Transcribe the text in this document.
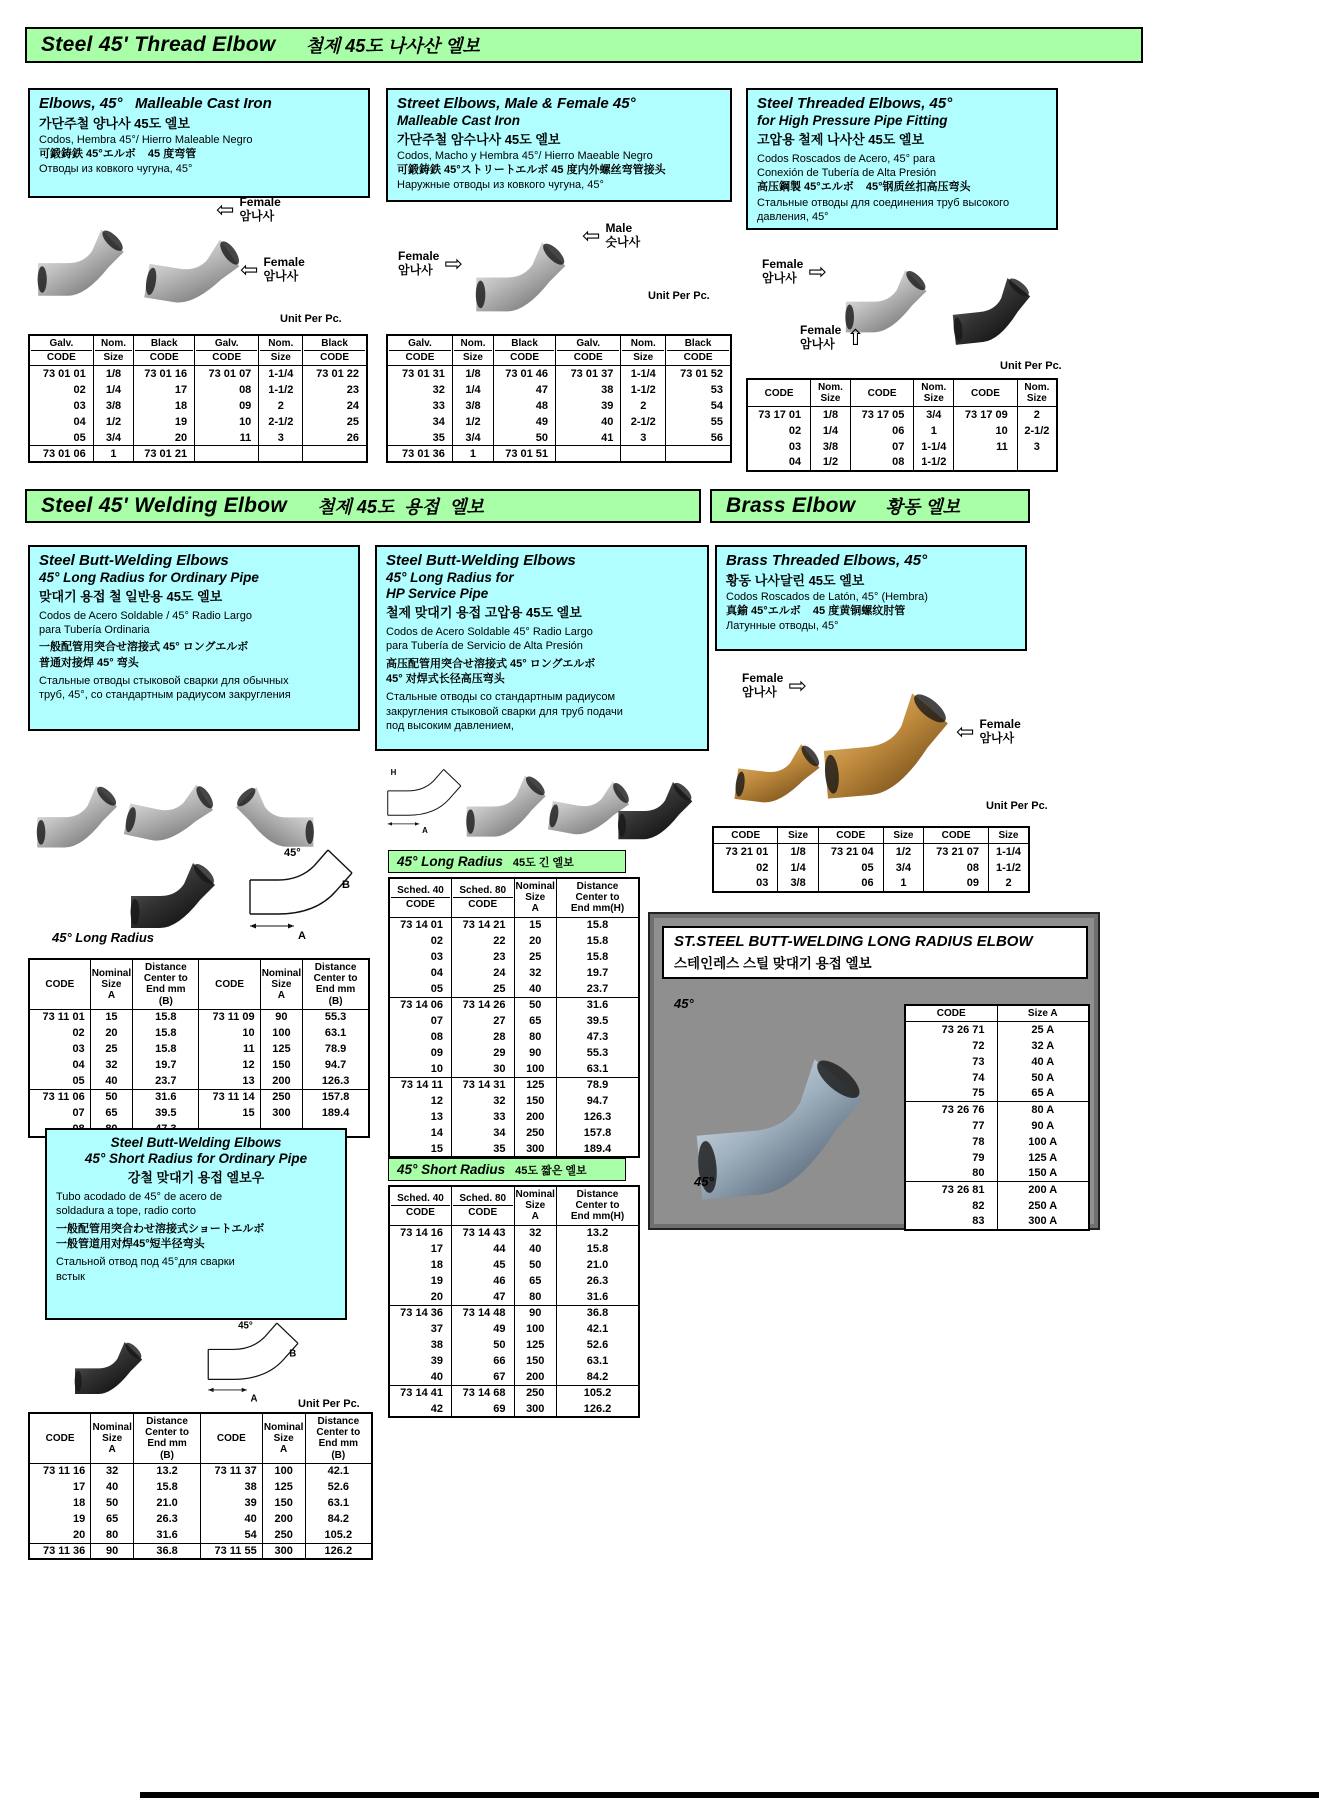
Steel 45' Thread Elbow 철제 45도 나사산 엘보
Elbows, 45°   Malleable Cast Iron
가단주철 양나사 45도 엘보
Codos, Hembra 45°/ Hierro Maleable Negro
可鍛鋳鉄 45°エルボ    45 度弯管
Отводы из ковкого чугуна, 45°
Street Elbows, Male & Female 45°
Malleable Cast Iron
가단주철 암수나사 45도 엘보
Codos, Macho y Hembra 45°/ Hierro Maeable Negro
可鍛鋳鉄 45°ストリートエルボ 45 度内外螺丝弯管接头
Наружные отводы из ковкого чугуна, 45°
Steel Threaded Elbows, 45°
for High Pressure Pipe Fitting
고압용 철제 나사산 45도 엘보
Codos Roscados de Acero, 45° para
Conexión de Tubería de Alta Presión
高压鋼製 45°エルボ    45°钢质丝扣高压弯头
Стальные отводы для соединения труб высокого
давления, 45°
⇦ Female
암나사
⇦ Female
암나사
Unit Per Pc.
Galv.
CODE

Nom.
Size

Black
CODE

Galv.
CODE

Nom.
Size

Black
CODE

73 01 01	1/8	73 01 16	73 01 07	1-1/4	73 01 22
02	1/4	17	08	1-1/2	23
03	3/8	18	09	2	24
04	1/2	19	10	2-1/2	25
05	3/4	20	11	3	26
73 01 06	1	73 01 21			
Female
암나사 ⇨
⇦ Male
숫나사
Unit Per Pc.
Galv.
CODE

Nom.
Size

Black
CODE

Galv.
CODE

Nom.
Size

Black
CODE

73 01 31	1/8	73 01 46	73 01 37	1-1/4	73 01 52
32	1/4	47	38	1-1/2	53
33	3/8	48	39	2	54
34	1/2	49	40	2-1/2	55
35	3/4	50	41	3	56
73 01 36	1	73 01 51			
Female
암나사 ⇨
Female
암나사 ⇧
Unit Per Pc.
CODE

Nom.
Size

CODE

Nom.
Size

CODE

Nom.
Size

73 17 01	1/8	73 17 05	3/4	73 17 09	2
02	1/4	06	1	10	2-1/2
03	3/8	07	1-1/4	11	3
04	1/2	08	1-1/2		
Steel 45' Welding Elbow 철제 45도  용접  엘보	Brass Elbow 황동 엘보
Steel Butt-Welding Elbows
45° Long Radius for Ordinary Pipe
맞대기 용접 철 일반용 45도 엘보
Codos de Acero Soldable / 45° Radio Largo
para Tubería Ordinaria
一般配管用突合せ溶接式 45° ロングエルボ
普通对接焊 45° 弯头
Стальные отводы стыковой сварки для обычных
труб, 45°, со стандартным радиусом закругления
Steel Butt-Welding Elbows
45° Long Radius for
HP Service Pipe
철제 맞대기 용접 고압용 45도 엘보
Codos de Acero Soldable 45° Radio Largo
para Tubería de Servicio de Alta Presión
高压配管用突合せ溶接式 45° ロングエルボ
45° 对焊式长径高压弯头
Стальные отводы со стандартным радиусом
закругления стыковой сварки для труб подачи
под высоким давлением,
Brass Threaded Elbows, 45°
황동 나사달린 45도 엘보
Codos Roscados de Latón, 45° (Hembra)
真鍮 45°エルボ    45 度黄铜螺纹肘管
Латунные отводы, 45°
Female
암나사 ⇨
⇦ Female
암나사
Unit Per Pc.
CODE	Size	CODE	Size	CODE	Size

73 21 01	1/8	73 21 04	1/2	73 21 07	1-1/4
02	1/4	05	3/4	08	1-1/2
03	3/8	06	1	09	2
B
A
45°
45° Long Radius
CODE

Nominal
Size
A

Distance
Center to
End mm
(B)

CODE

Nominal
Size
A

Distance
Center to
End mm
(B)

73 11 01	15	15.8	73 11 09	90	55.3
02	20	15.8	10	100	63.1
03	25	15.8	11	125	78.9
04	32	19.7	12	150	94.7
05	40	23.7	13	200	126.3
73 11 06	50	31.6	73 11 14	250	157.8
07	65	39.5	15	300	189.4

Steel Butt-Welding Elbows
45° Short Radius for Ordinary Pipe
강철 맞대기 용접 엘보우
Tubo acodado de 45° de acero de
soldadura a tope, radio corto
一般配管用突合わせ溶接式ショートエルボ
一般管道用对焊45°短半径弯头
Стальной отвод под 45°для сварки
встык
B
A
45°
Unit Per Pc.
CODE

Nominal
Size
A

Distance
Center to
End mm
(B)

CODE

Nominal
Size
A

Distance
Center to
End mm
(B)

73 11 16	32	13.2	73 11 37	100	42.1
17	40	15.8	38	125	52.6
18	50	21.0	39	150	63.1
19	65	26.3	40	200	84.2
20	80	31.6	54	250	105.2
73 11 36	90	36.8	73 11 55	300	126.2
H
A
45° Long Radius 45도 긴 엘보
Sched. 40
CODE

Sched. 80
CODE

Nominal
Size
A

Distance
Center to
End mm(H)

73 14 01	73 14 21	15	15.8
02	22	20	15.8
03	23	25	15.8
04	24	32	19.7
05	25	40	23.7
73 14 06	73 14 26	50	31.6
07	27	65	39.5
08	28	80	47.3
09	29	90	55.3
10	30	100	63.1
73 14 11	73 14 31	125	78.9
12	32	150	94.7
13	33	200	126.3
14	34	250	157.8
15	35	300	189.4
45° Short Radius 45도 짧은 엘보
Sched. 40
CODE

Sched. 80
CODE

Nominal
Size
A

Distance
Center to
End mm(H)

73 14 16	73 14 43	32	13.2
17	44	40	15.8
18	45	50	21.0
19	46	65	26.3
20	47	80	31.6
73 14 36	73 14 48	90	36.8
37	49	100	42.1
38	50	125	52.6
39	66	150	63.1
40	67	200	84.2
73 14 41	73 14 68	250	105.2
42	69	300	126.2
ST.STEEL BUTT-WELDING LONG RADIUS ELBOW
스테인레스 스틸 맞대기 용접 엘보
45°
45°
CODE	Size A

73 26 71	25 A
72	32 A
73	40 A
74	50 A
75	65 A
73 26 76	80 A
77	90 A
78	100 A
79	125 A
80	150 A
73 26 81	200 A
82	250 A
83	300 A
